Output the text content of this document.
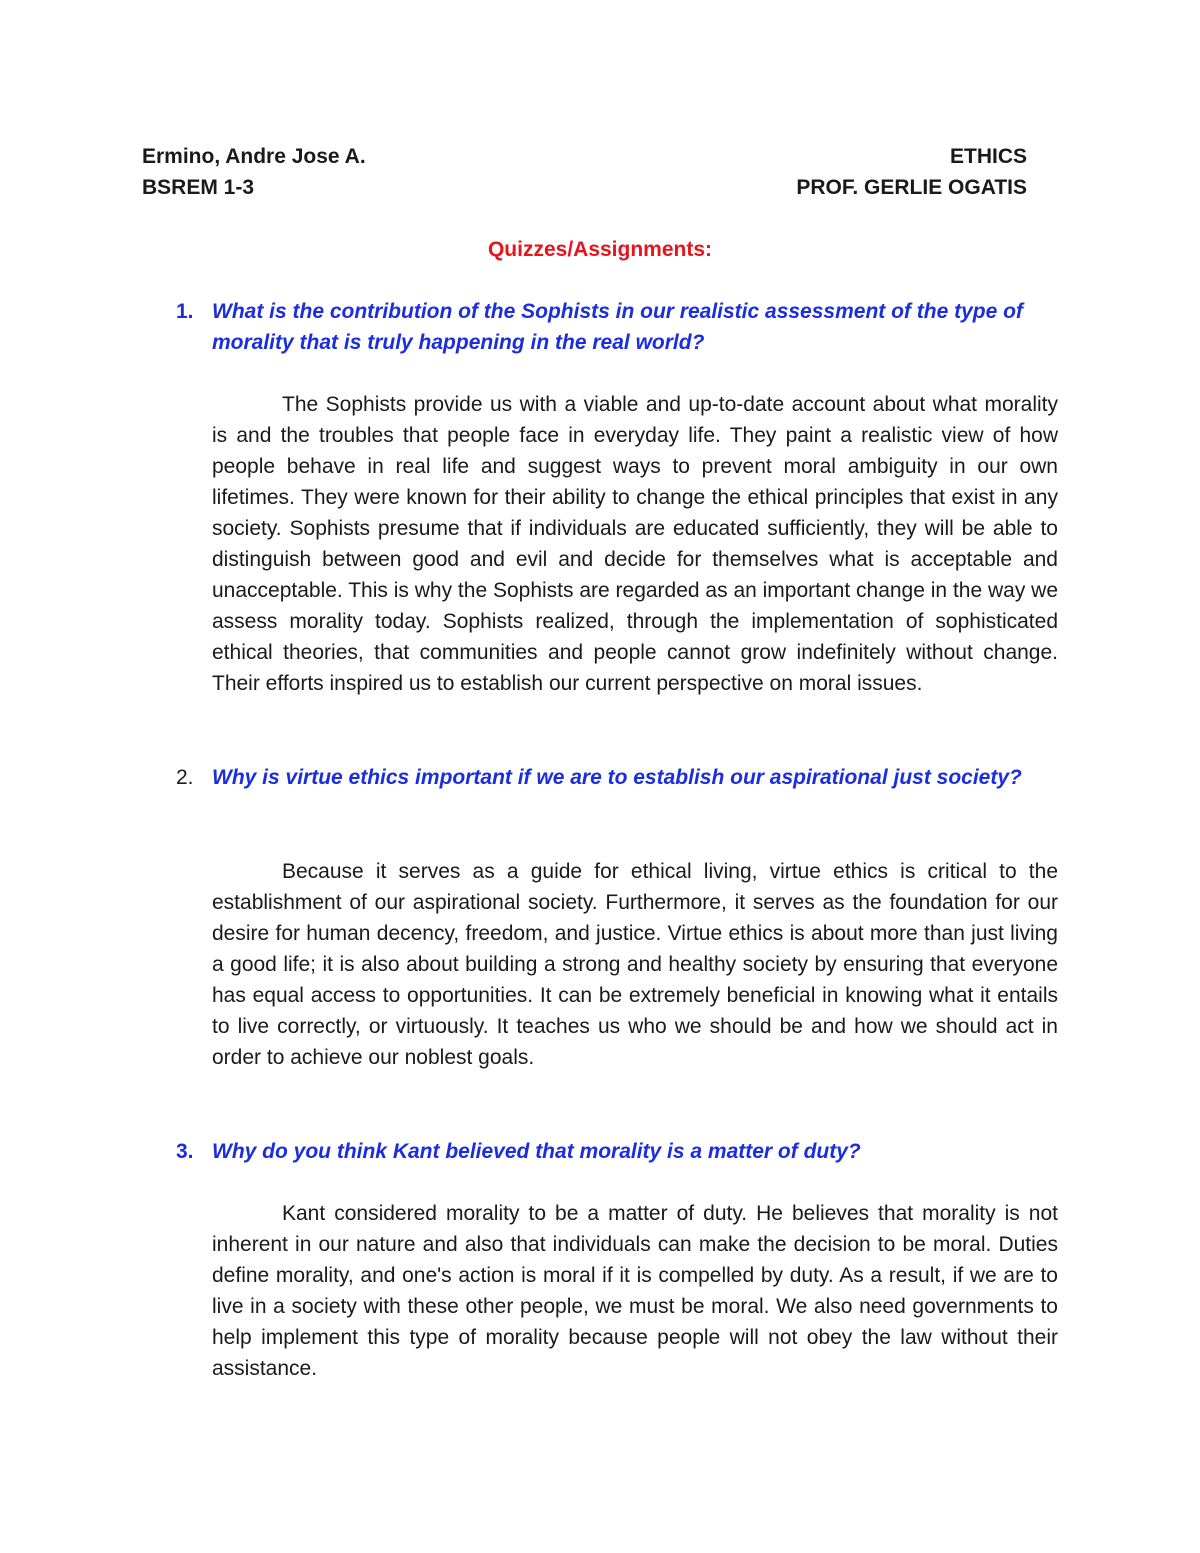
Ermino, Andre Jose A.	ETHICS
BSREM 1-3	PROF. GERLIE OGATIS
Quizzes/Assignments:
1. What is the contribution of the Sophists in our realistic assessment of the type of morality that is truly happening in the real world?

The Sophists provide us with a viable and up-to-date account about what morality is and the troubles that people face in everyday life. They paint a realistic view of how people behave in real life and suggest ways to prevent moral ambiguity in our own lifetimes. They were known for their ability to change the ethical principles that exist in any society. Sophists presume that if individuals are educated sufficiently, they will be able to distinguish between good and evil and decide for themselves what is acceptable and unacceptable. This is why the Sophists are regarded as an important change in the way we assess morality today. Sophists realized, through the implementation of sophisticated ethical theories, that communities and people cannot grow indefinitely without change. Their efforts inspired us to establish our current perspective on moral issues.

2. Why is virtue ethics important if we are to establish our aspirational just society?

Because it serves as a guide for ethical living, virtue ethics is critical to the establishment of our aspirational society. Furthermore, it serves as the foundation for our desire for human decency, freedom, and justice. Virtue ethics is about more than just living a good life; it is also about building a strong and healthy society by ensuring that everyone has equal access to opportunities. It can be extremely beneficial in knowing what it entails to live correctly, or virtuously. It teaches us who we should be and how we should act in order to achieve our noblest goals.

3. Why do you think Kant believed that morality is a matter of duty?

Kant considered morality to be a matter of duty. He believes that morality is not inherent in our nature and also that individuals can make the decision to be moral. Duties define morality, and one's action is moral if it is compelled by duty. As a result, if we are to live in a society with these other people, we must be moral. We also need governments to help implement this type of morality because people will not obey the law without their assistance.
